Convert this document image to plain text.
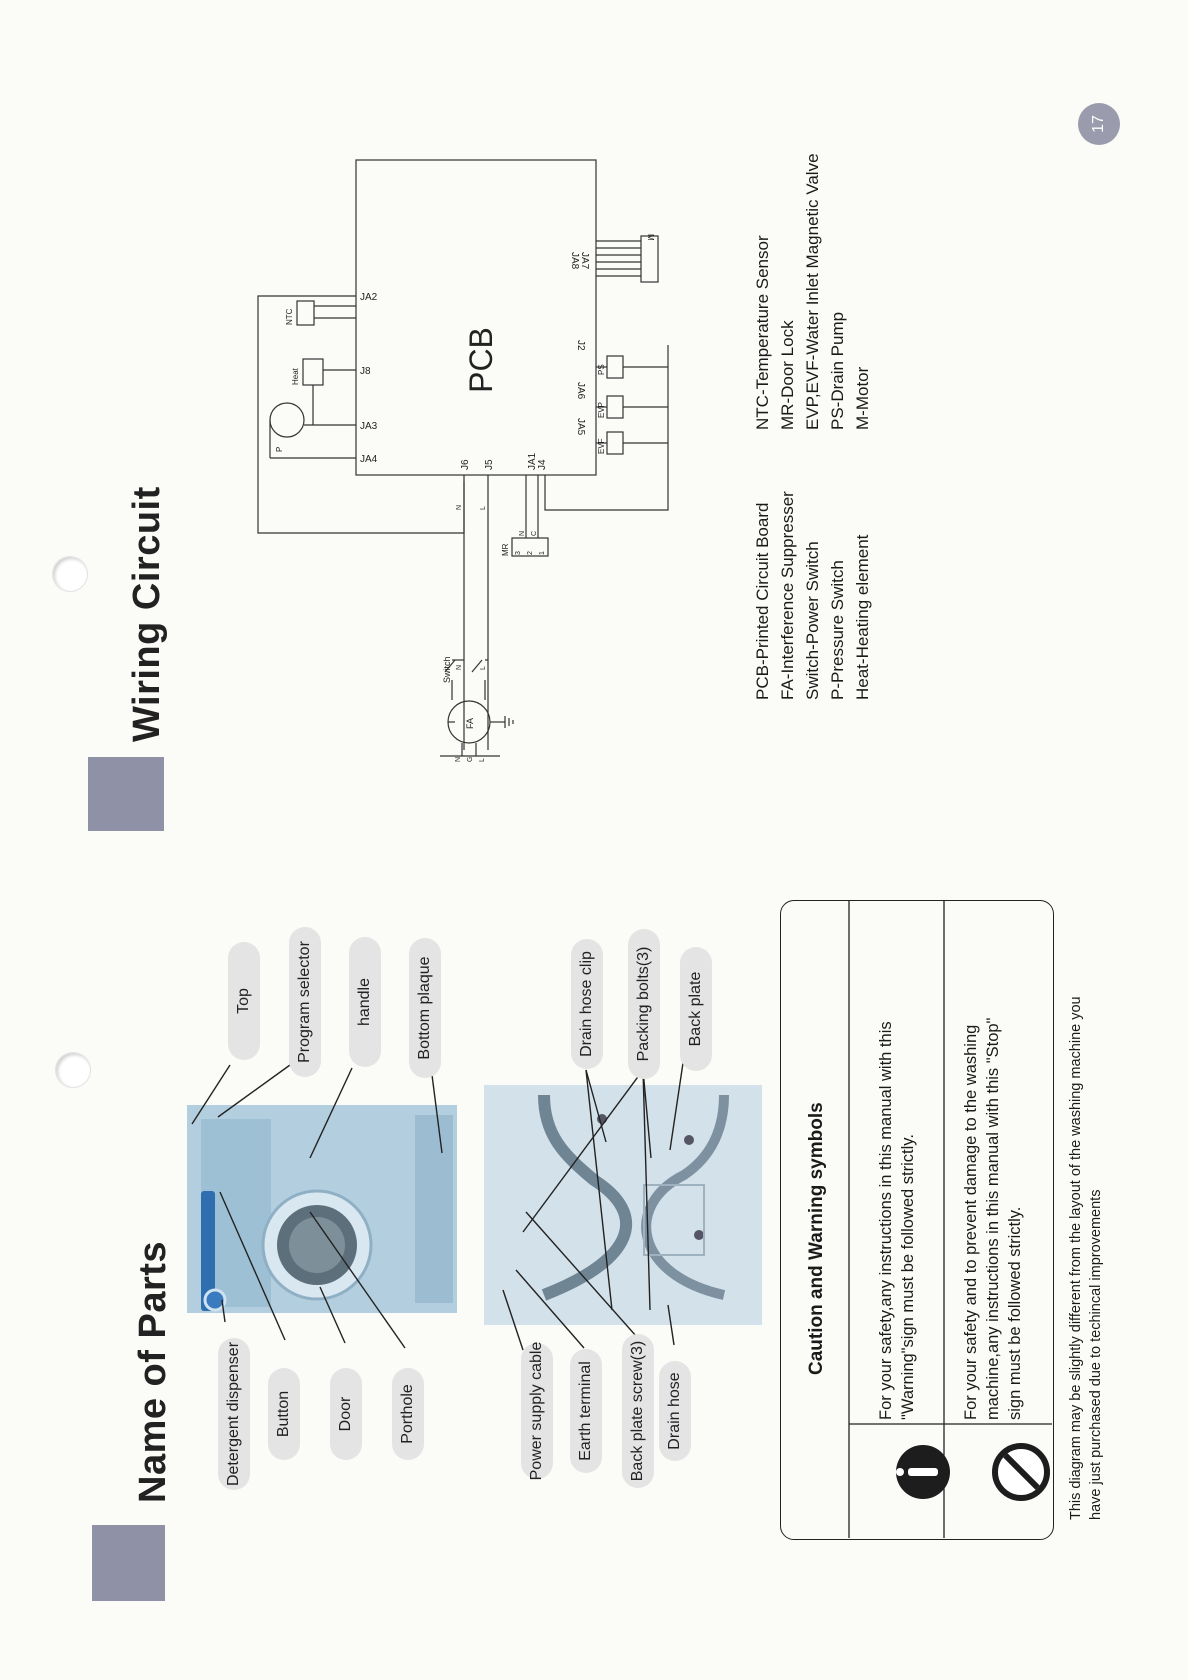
17
Wiring Circuit
PCB
JA2
J8
JA3
JA4	J6 J5	JA1 J4
JA5
JA6
J2
JA7
JA8
NTC
Heat
P
MR
EVF
EVP
PS
M
FA
Switch
N L
N L
N G L
N C
3 2 1	PCB-Printed Circuit Board FA-Interference Suppresser Switch-Power Switch P-Pressure Switch Heat-Heating element
NTC-Temperature Sensor MR-Door Lock EVP,EVF-Water Inlet Magnetic Valve PS-Drain Pump M-Motor
Name of Parts	Detergent dispenser	Button	Door	Porthole
Top	Program selector	handle	Bottom plaque
Power supply cable	Earth terminal	Back plate screw(3)	Drain hose
Drain hose clip	Packing bolts(3)	Back plate
Caution and Warning symbols	For your safety,any instructions in this manual with this "Warning"sign must be followed strictly.	For your safety and to prevent damage to the washing machine,any instructions in this manual with this "Stop" sign must be followed strictly.	This diagram may be slightly different from the layout of the washing machine you have just purchased due to techincal improvements
